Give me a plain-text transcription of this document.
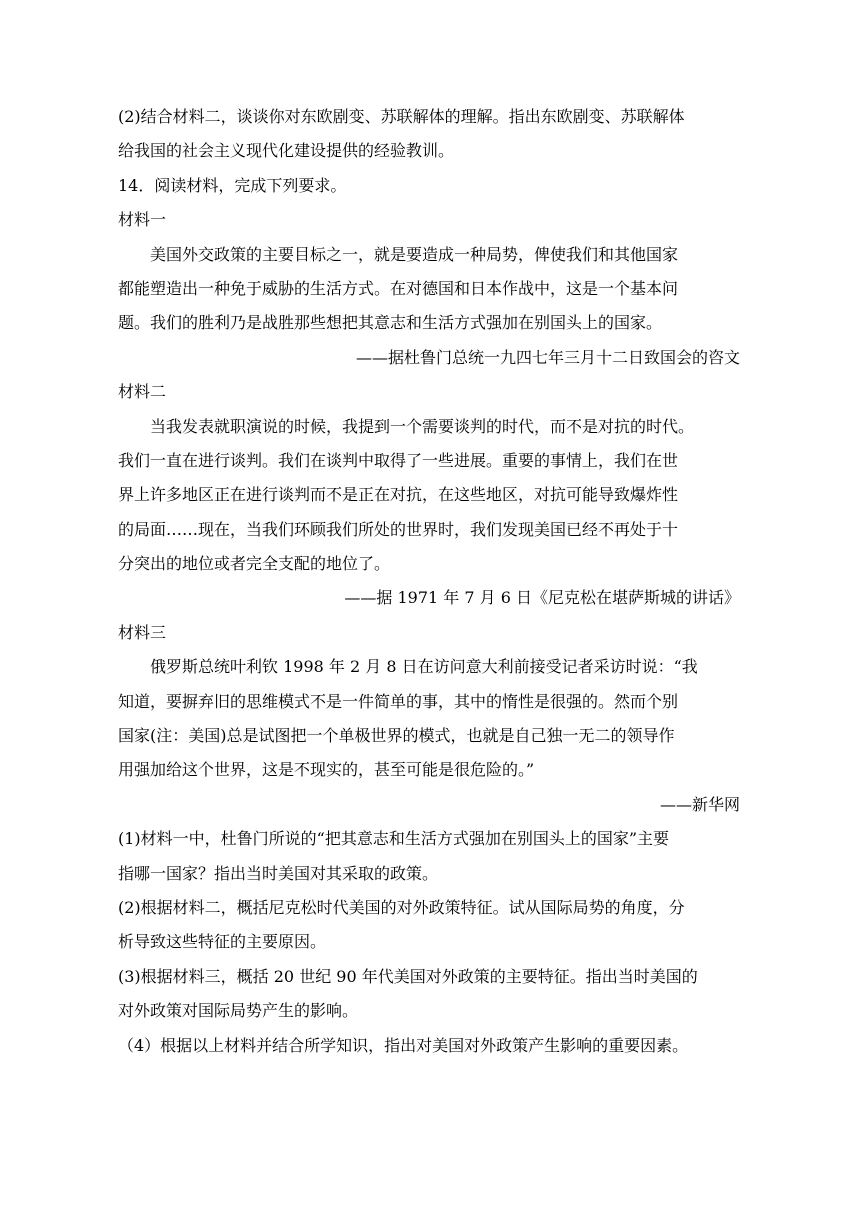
(2)结合材料二，谈谈你对东欧剧变、苏联解体的理解。指出东欧剧变、苏联解体
给我国的社会主义现代化建设提供的经验教训。
14．阅读材料，完成下列要求。
材料一
美国外交政策的主要目标之一，就是要造成一种局势，俾使我们和其他国家
都能塑造出一种免于威胁的生活方式。在对德国和日本作战中，这是一个基本问
题。我们的胜利乃是战胜那些想把其意志和生活方式强加在别国头上的国家。
——据杜鲁门总统一九四七年三月十二日致国会的咨文
材料二
当我发表就职演说的时候，我提到一个需要谈判的时代，而不是对抗的时代。
我们一直在进行谈判。我们在谈判中取得了一些进展。重要的事情上，我们在世
界上许多地区正在进行谈判而不是正在对抗，在这些地区，对抗可能导致爆炸性
的局面……现在，当我们环顾我们所处的世界时，我们发现美国已经不再处于十
分突出的地位或者完全支配的地位了。
——据 1971 年 7 月 6 日《尼克松在堪萨斯城的讲话》
材料三
俄罗斯总统叶利钦 1998 年 2 月 8 日在访问意大利前接受记者采访时说：“我
知道，要摒弃旧的思维模式不是一件简单的事，其中的惰性是很强的。然而个别
国家(注：美国)总是试图把一个单极世界的模式，也就是自己独一无二的领导作
用强加给这个世界，这是不现实的，甚至可能是很危险的。”
——新华网
(1)材料一中，杜鲁门所说的“把其意志和生活方式强加在别国头上的国家”主要
指哪一国家？指出当时美国对其采取的政策。
(2)根据材料二，概括尼克松时代美国的对外政策特征。试从国际局势的角度，分
析导致这些特征的主要原因。
(3)根据材料三，概括 20 世纪 90 年代美国对外政策的主要特征。指出当时美国的
对外政策对国际局势产生的影响。
（4）根据以上材料并结合所学知识，指出对美国对外政策产生影响的重要因素。
